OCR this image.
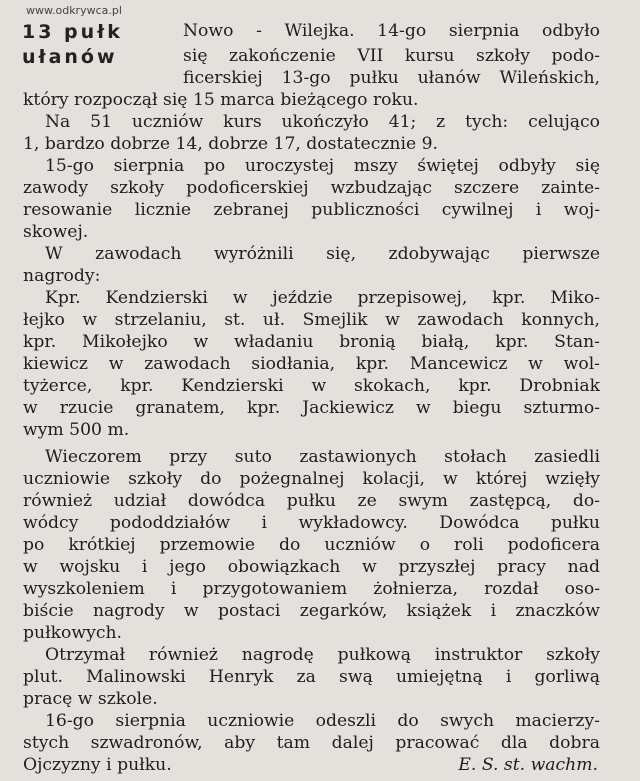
www.odkrywca.pl
13 pułk
ułanów
Nowo - Wilejka. 14-go sierpnia odbyło
się zakończenie VII kursu szkoły podo-
ficerskiej 13-go pułku ułanów Wileńskich,
który rozpoczął się 15 marca bieżącego roku.
Na 51 uczniów kurs ukończyło 41; z tych: celująco
1, bardzo dobrze 14, dobrze 17, dostatecznie 9.
15-go sierpnia po uroczystej mszy świętej odbyły się
zawody szkoły podoficerskiej wzbudzając szczere zainte-
resowanie licznie zebranej publiczności cywilnej i woj-
skowej.
W zawodach wyróżnili się, zdobywając pierwsze
nagrody:
Kpr. Kendzierski w jeździe przepisowej, kpr. Miko-
łejko w strzelaniu, st. uł. Smejlik w zawodach konnych,
kpr. Mikołejko w władaniu bronią białą, kpr. Stan-
kiewicz w zawodach siodłania, kpr. Mancewicz w wol-
tyżerce, kpr. Kendzierski w skokach, kpr. Drobniak
w rzucie granatem, kpr. Jackiewicz w biegu szturmo-
wym 500 m.
Wieczorem przy suto zastawionych stołach zasiedli
uczniowie szkoły do pożegnalnej kolacji, w której wzięły
również udział dowódca pułku ze swym zastępcą, do-
wódcy pododdziałów i wykładowcy. Dowódca pułku
po krótkiej przemowie do uczniów o roli podoficera
w wojsku i jego obowiązkach w przyszłej pracy nad
wyszkoleniem i przygotowaniem żołnierza, rozdał oso-
biście nagrody w postaci zegarków, książek i znaczków
pułkowych.
Otrzymał również nagrodę pułkową instruktor szkoły
plut. Malinowski Henryk za swą umiejętną i gorliwą
pracę w szkole.
16-go sierpnia uczniowie odeszli do swych macierzy-
stych szwadronów, aby tam dalej pracować dla dobra
Ojczyzny i pułku.	E. S. st. wachm.
